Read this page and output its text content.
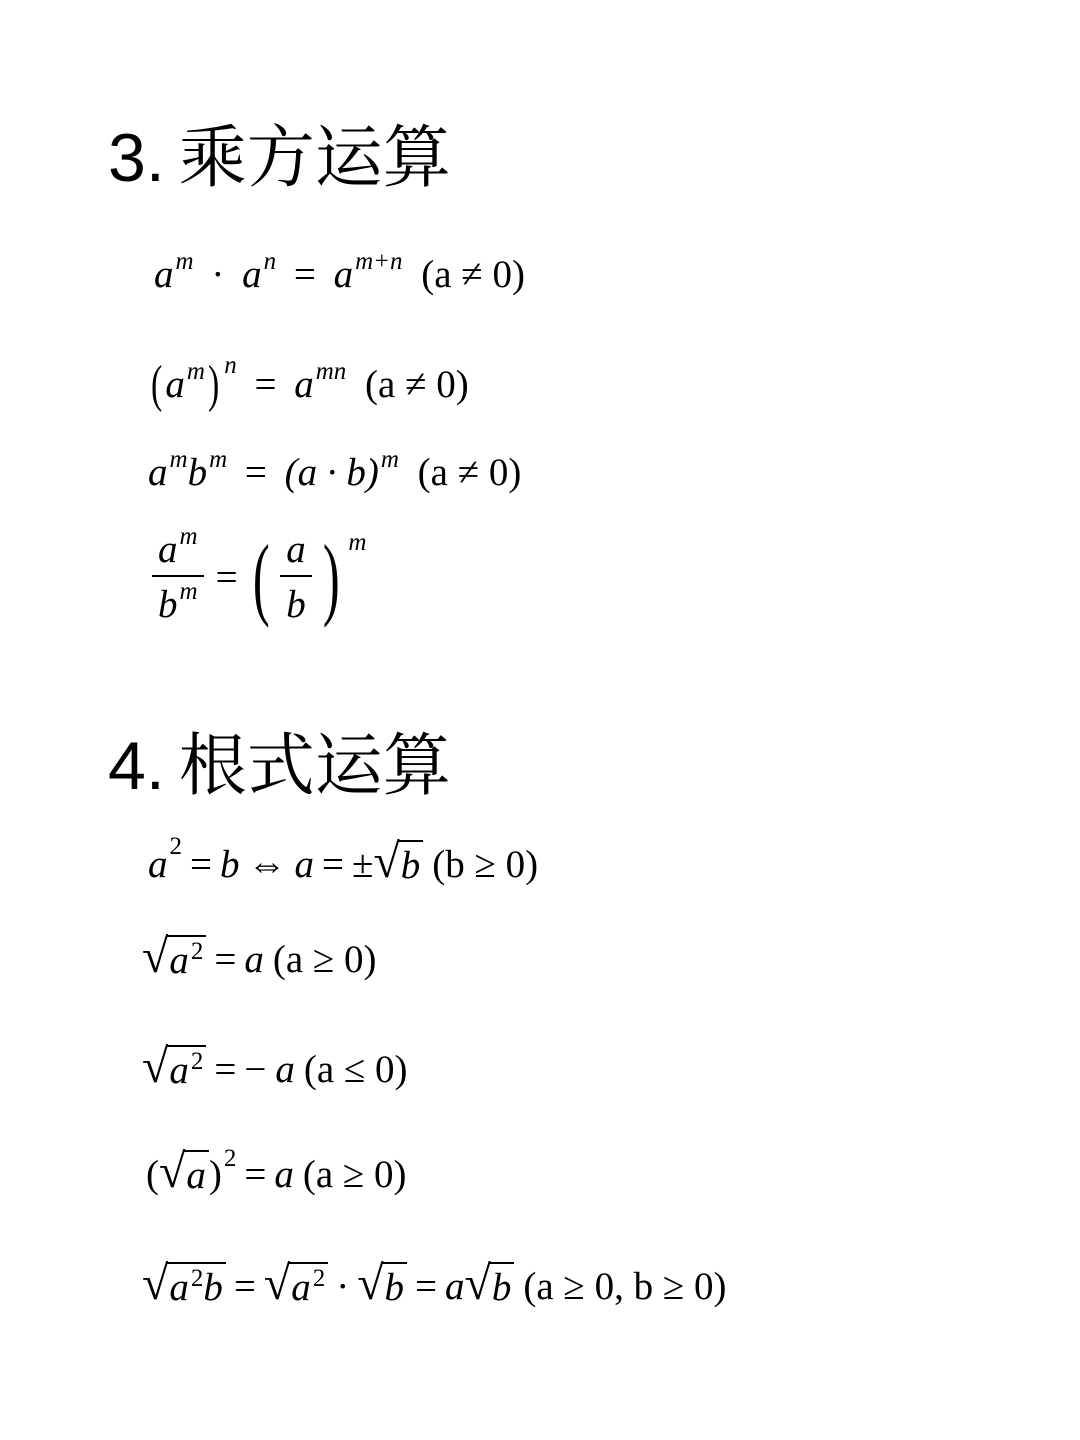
3. 乘方运算
$a^m \cdot a^n = a^{m+n}$ (a ≠ 0)
$(a^m) ^n = a^{mn}$ (a ≠ 0)
$a^mb^m = (a \cdot b)^m$ (a ≠ 0)
$\frac{a^m}{b^m}$ = ( $\frac{a}{b}$ ) m
4. 根式运算
a 2 = b ⇔ a = ± √ b (b ≥ 0)
√ $a^2 = a$ (a ≥ 0)
√ $a^2$ = − a (a ≤ 0)
( √ a ) 2 = a (a ≥ 0)
√ $a^2b$ = √ $a^2$ · √ b = a √ b (a ≥ 0, b ≥ 0)
